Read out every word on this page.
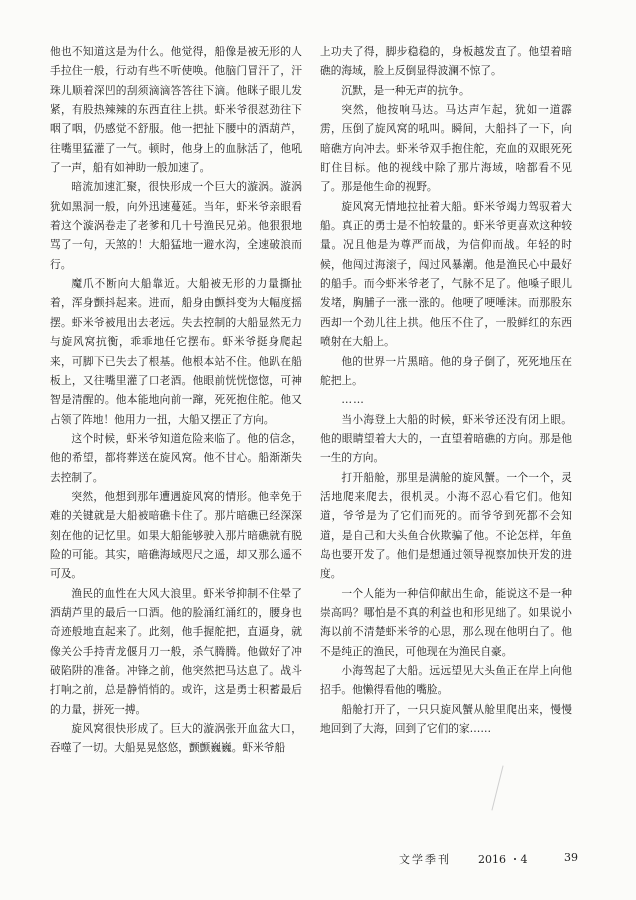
他也不知道这是为什么。他觉得，船像是被无形的人手拉住一般，行动有些不听使唤。他脑门冒汗了，汗珠儿顺着深凹的刮须滴滴答答往下滴。他眯子眼儿发紧，有股热辣辣的东西直往上拱。虾米爷很怼劲往下咽了咽，仍感觉不舒服。他一把扯下腰中的酒葫芦，往嘴里猛灌了一气。顿时，他身上的血脉活了，他吼了一声，船有如神助一般加速了。

暗流加速汇聚，很快形成一个巨大的漩涡。漩涡犹如黑洞一般，向外迅速蔓延。当年，虾米爷亲眼看着这个漩涡卷走了老爹和几十号渔民兄弟。他狠狠地骂了一句，天煞的！大船猛地一避水沟，全速破浪而行。

魔爪不断向大船靠近。大船被无形的力量撕扯着，浑身颤抖起来。进而，船身由颤抖变为大幅度摇摆。虾米爷被甩出去老远。失去控制的大船显然无力与旋风窝抗衡，乖乖地任它摆布。虾米爷挺身爬起来，可脚下已失去了根基。他根本站不住。他趴在船板上，又往嘴里灌了口老酒。他眼前恍恍惚惚，可神智是清醒的。他本能地向前一蹿，死死抱住舵。他又占领了阵地！他用力一扭，大船又摆正了方向。

这个时候，虾米爷知道危险来临了。他的信念，他的希望，都将葬送在旋风窝。他不甘心。船渐渐失去控制了。

突然，他想到那年遭遇旋风窝的情形。他幸免于难的关键就是大船被暗礁卡住了。那片暗礁已经深深刻在他的记忆里。如果大船能够驶入那片暗礁就有脱险的可能。其实，暗礁海域咫尺之遥，却又那么遥不可及。

渔民的血性在大风大浪里。虾米爷抑制不住晕了酒葫芦里的最后一口酒。他的脸涌红涌红的，腰身也奇迹般地直起来了。此刻，他手握舵把，直逼身，就像关公手持青龙偃月刀一般，杀气腾腾。他做好了冲破陷阱的准备。冲锋之前，他突然把马达息了。战斗打响之前，总是静悄悄的。或许，这是勇士积蓄最后的力量，拼死一搏。

旋风窝很快形成了。巨大的漩涡张开血盆大口，吞噬了一切。大船晃晃悠悠，颤颤巍巍。虾米爷船

上功夫了得，脚步稳稳的，身板越发直了。他望着暗礁的海域，脸上反倒显得波澜不惊了。

沉默，是一种无声的抗争。

突然，他按响马达。马达声乍起，犹如一道霹雳，压倒了旋风窝的吼叫。瞬间，大船抖了一下，向暗礁方向冲去。虾米爷双手抱住舵，充血的双眼死死盯住目标。他的视线中除了那片海域，啥都看不见了。那是他生命的视野。

旋风窝无情地拉扯着大船。虾米爷竭力驾驭着大船。真正的勇士是不怕较量的。虾米爷更喜欢这种较量。况且他是为尊严而战，为信仰而战。年轻的时候，他闯过海滚子，闯过风暴潮。他是渔民心中最好的船手。而今虾米爷老了，气脉不足了。他嗓子眼儿发堵，胸脯子一涨一涨的。他哽了哽唾沫。而那股东西却一个劲儿往上拱。他压不住了，一股鲜红的东西喷射在大船上。

他的世界一片黑暗。他的身子倒了，死死地压在舵把上。

……

当小海登上大船的时候，虾米爷还没有闭上眼。他的眼睛望着大大的，一直望着暗礁的方向。那是他一生的方向。

打开船舱，那里是满舱的旋风蟹。一个一个，灵活地爬来爬去，很机灵。小海不忍心看它们。他知道，爷爷是为了它们而死的。而爷爷到死都不会知道，是自己和大头鱼合伙欺骗了他。不论怎样，年鱼岛也要开发了。他们是想通过领导视察加快开发的进度。

一个人能为一种信仰献出生命，能说这不是一种崇高吗？哪怕是不真的利益也和形见绌了。如果说小海以前不清楚虾米爷的心思，那么现在他明白了。他不是纯正的渔民，可他现在为渔民自豪。

小海驾起了大船。远远望见大头鱼正在岸上向他招手。他懒得看他的嘴脸。

船舱打开了，一只只旋风蟹从舱里爬出来，慢慢地回到了大海，回到了它们的家……

文学季刊 2016 ・4	39
